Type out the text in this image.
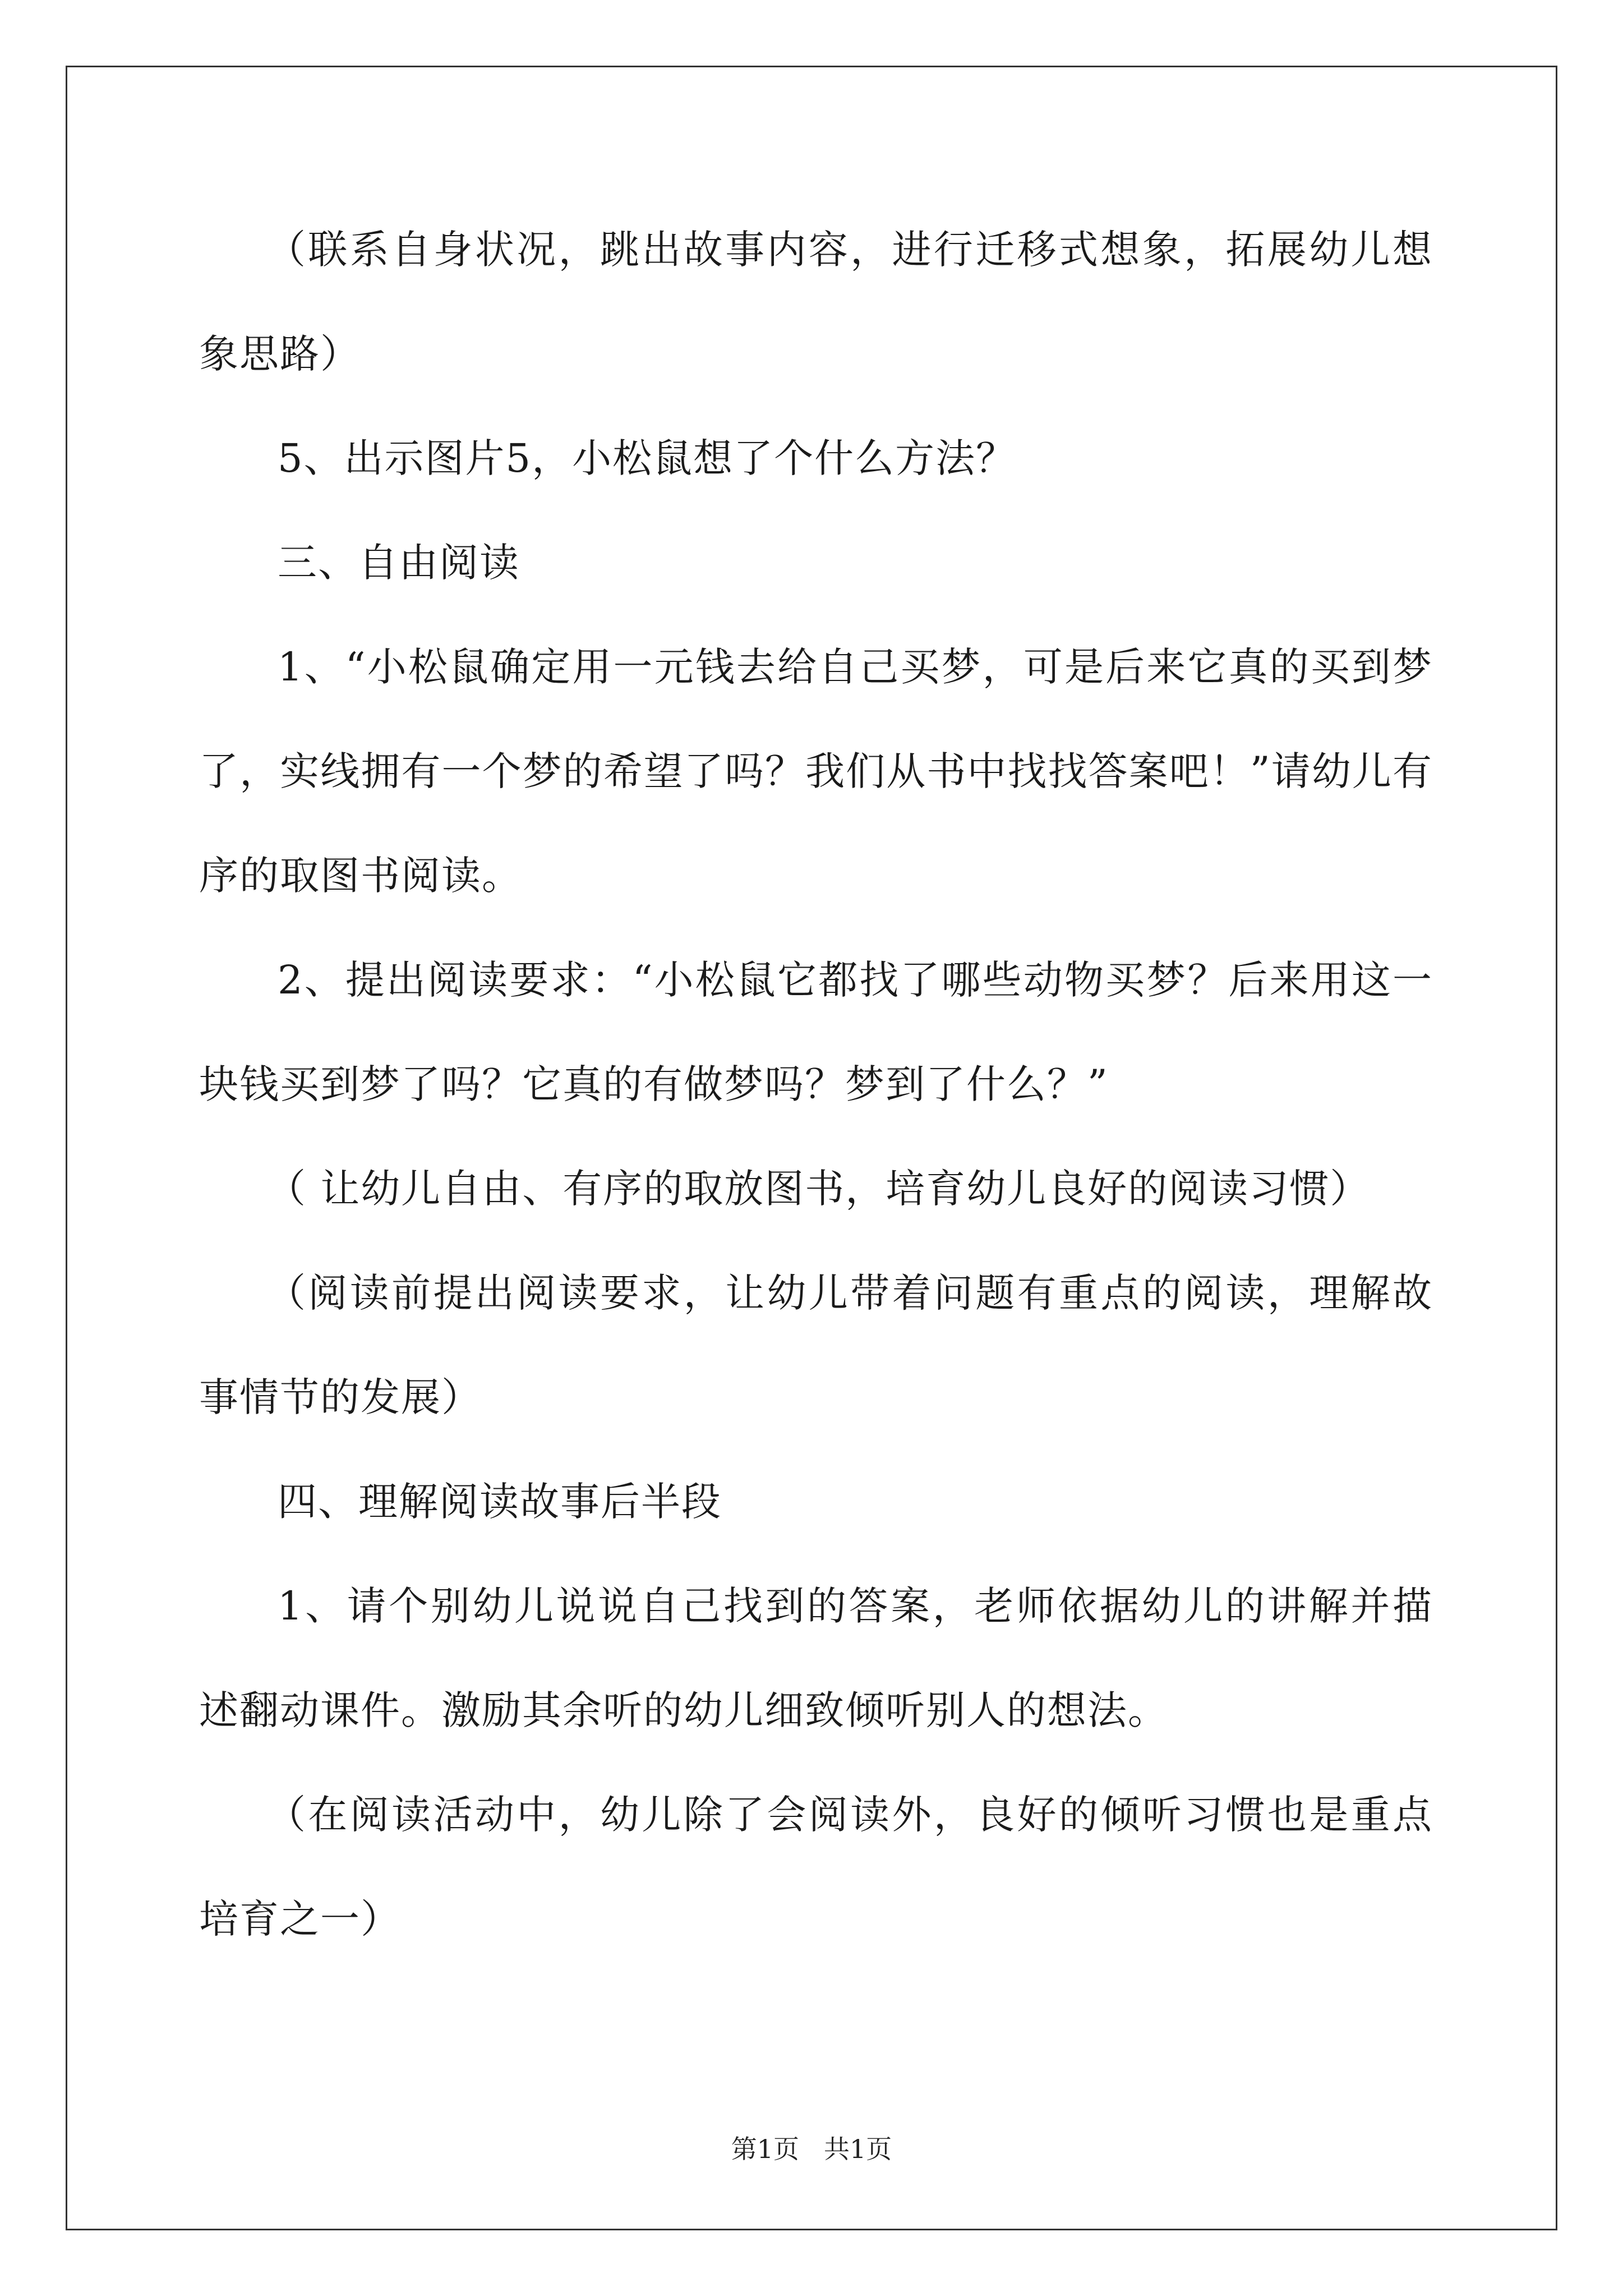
（联系自身状况，跳出故事内容，进行迁移式想象，拓展幼儿想象思路）

5、出示图片5，小松鼠想了个什么方法？

三、自由阅读

1、“小松鼠确定用一元钱去给自己买梦，可是后来它真的买到梦了，实线拥有一个梦的希望了吗？我们从书中找找答案吧！”请幼儿有序的取图书阅读。

2、提出阅读要求：“小松鼠它都找了哪些动物买梦？后来用这一块钱买到梦了吗？它真的有做梦吗？梦到了什么？”

（ 让幼儿自由、有序的取放图书，培育幼儿良好的阅读习惯）

（阅读前提出阅读要求，让幼儿带着问题有重点的阅读，理解故事情节的发展）

四、理解阅读故事后半段

1、请个别幼儿说说自己找到的答案，老师依据幼儿的讲解并描述翻动课件。激励其余听的幼儿细致倾听别人的想法。

（在阅读活动中，幼儿除了会阅读外，良好的倾听习惯也是重点培育之一）

第1页 共1页
